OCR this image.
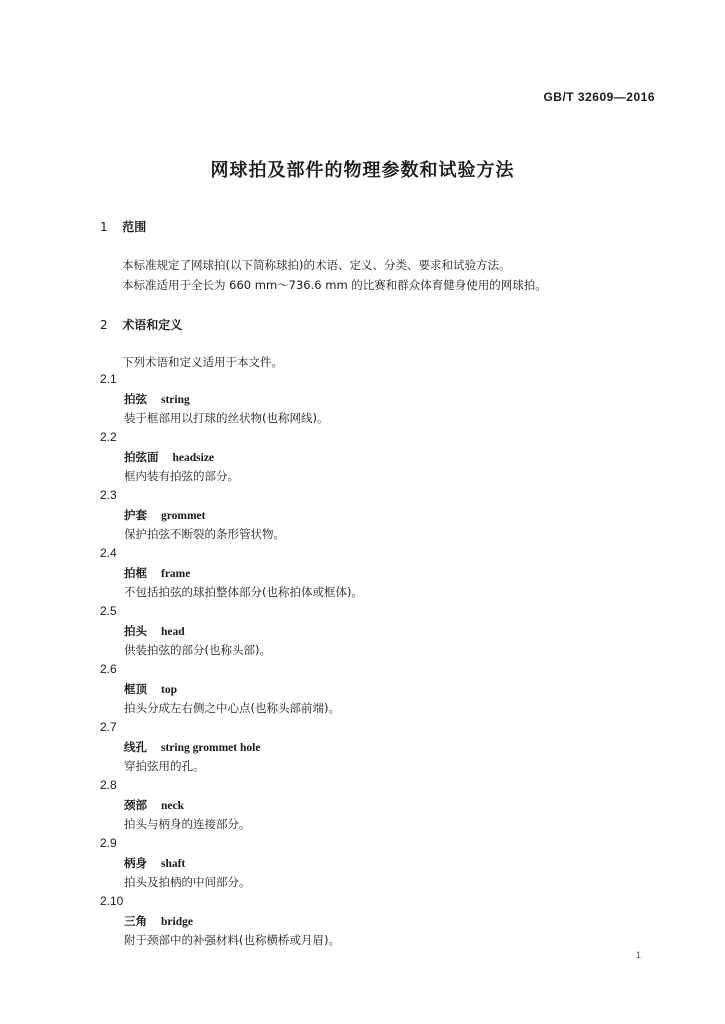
GB/T 32609—2016
网球拍及部件的物理参数和试验方法
1 范围
本标准规定了网球拍(以下简称球拍)的术语、定义、分类、要求和试验方法。
本标准适用于全长为 660 mm～736.6 mm 的比赛和群众体育健身使用的网球拍。
2 术语和定义
下列术语和定义适用于本文件。
2.1
拍弦 string
装于框部用以打球的丝状物(也称网线)。
2.2
拍弦面 headsize
框内装有拍弦的部分。
2.3
护套 grommet
保护拍弦不断裂的条形管状物。
2.4
拍框 frame
不包括拍弦的球拍整体部分(也称拍体或框体)。
2.5
拍头 head
供装拍弦的部分(也称头部)。
2.6
框顶 top
拍头分成左右侧之中心点(也称头部前端)。
2.7
线孔 string grommet hole
穿拍弦用的孔。
2.8
颈部 neck
拍头与柄身的连接部分。
2.9
柄身 shaft
拍头及拍柄的中间部分。
2.10
三角 bridge
附于颈部中的补强材料(也称横桥或月眉)。
1
